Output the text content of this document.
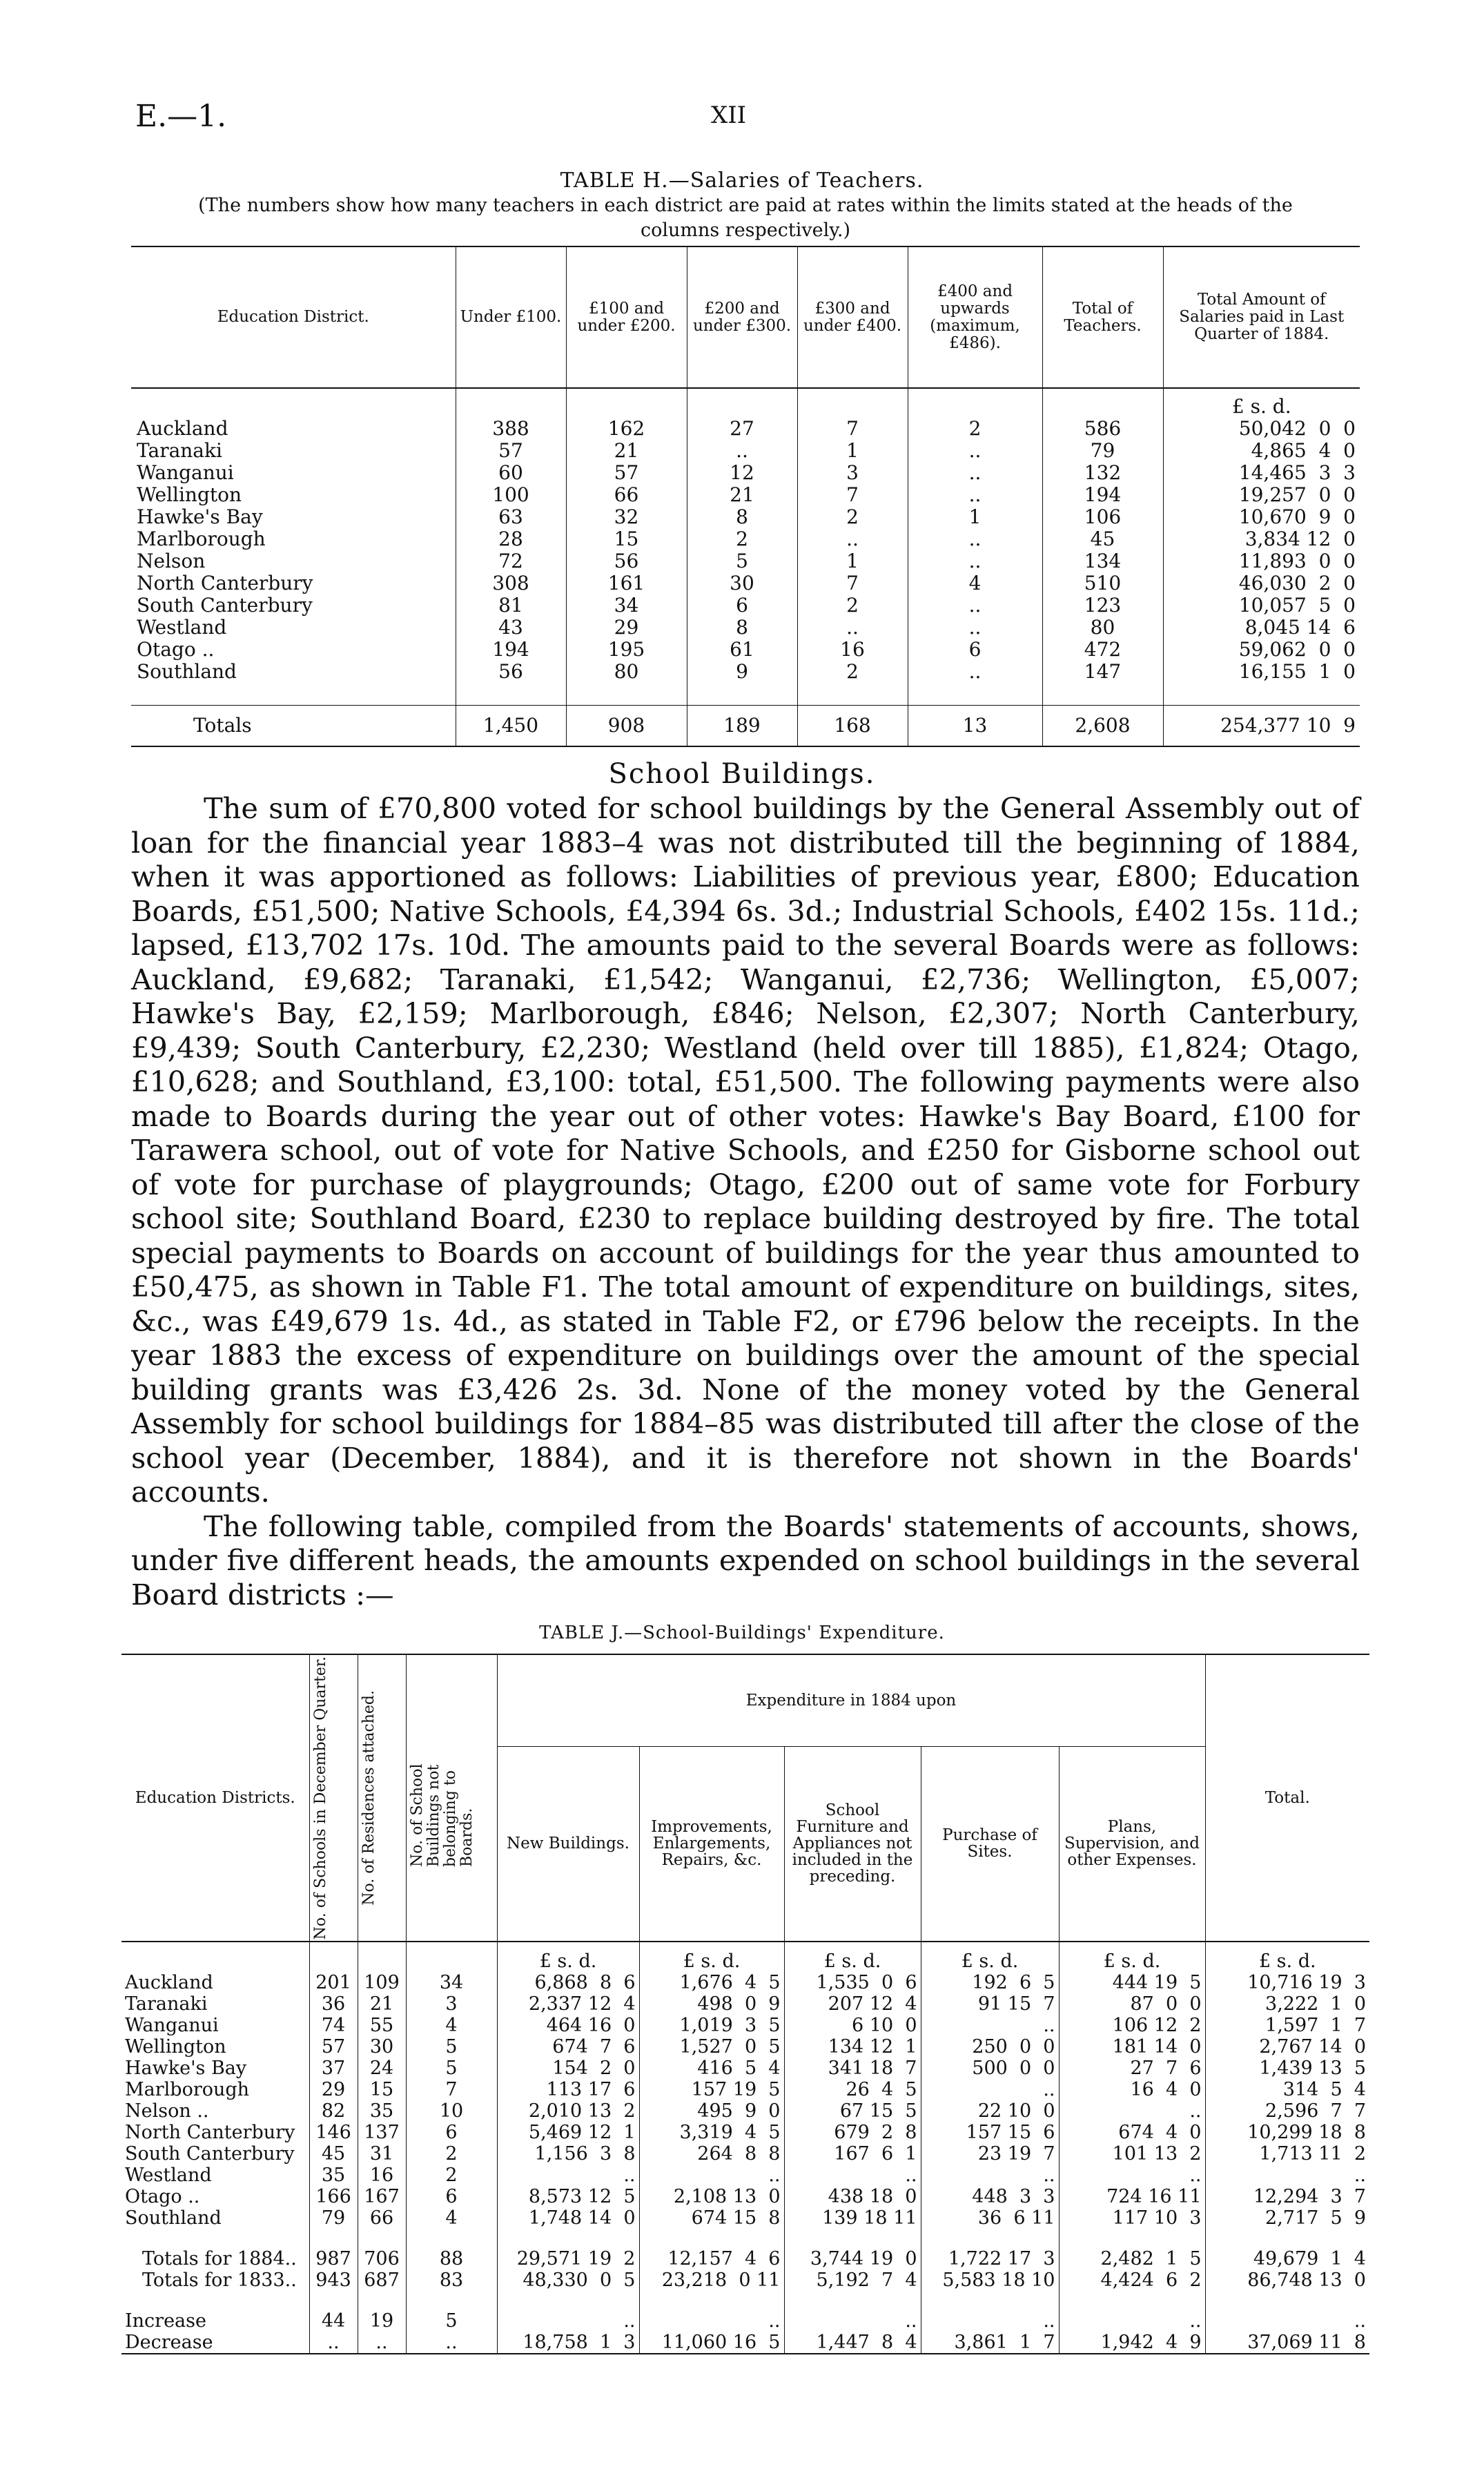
E.—1.	XII
TABLE H.—Salaries of Teachers.
(The numbers show how many teachers in each district are paid at rates within the limits stated at the heads of the columns respectively.)
Education District.	Under £100.	£100 and under £200.	£200 and under £300.	£300 and under £400.	£400 and upwards (maximum, £486).	Total of Teachers.	Total Amount of Salaries paid in Last Quarter of 1884.
							£ s. d.
Auckland	388	162	27	7	2	586	50,042  0  0
Taranaki	57	21	..	1	..	79	4,865  4  0
Wanganui	60	57	12	3	..	132	14,465  3  3
Wellington	100	66	21	7	..	194	19,257  0  0
Hawke's Bay	63	32	8	2	1	106	10,670  9  0
Marlborough	28	15	2	..	..	45	3,834 12  0
Nelson	72	56	5	1	..	134	11,893  0  0
North Canterbury	308	161	30	7	4	510	46,030  2  0
South Canterbury	81	34	6	2	..	123	10,057  5  0
Westland	43	29	8	..	..	80	8,045 14  6
Otago ..	194	195	61	16	6	472	59,062  0  0
Southland	56	80	9	2	..	147	16,155  1  0

Totals	1,450	908	189	168	13	2,608	254,377 10  9
School Buildings.

The sum of £70,800 voted for school buildings by the General Assembly out of loan for the financial year 1883–4 was not distributed till the beginning of 1884, when it was apportioned as follows: Liabilities of previous year, £800; Education Boards, £51,500; Native Schools, £4,394 6s. 3d.; Industrial Schools, £402 15s. 11d.; lapsed, £13,702 17s. 10d. The amounts paid to the several Boards were as follows: Auckland, £9,682; Taranaki, £1,542; Wanganui, £2,736; Wellington, £5,007; Hawke's Bay, £2,159; Marlborough, £846; Nelson, £2,307; North Canterbury, £9,439; South Canterbury, £2,230; Westland (held over till 1885), £1,824; Otago, £10,628; and Southland, £3,100: total, £51,500. The following payments were also made to Boards during the year out of other votes: Hawke's Bay Board, £100 for Tarawera school, out of vote for Native Schools, and £250 for Gisborne school out of vote for purchase of playgrounds; Otago, £200 out of same vote for Forbury school site; Southland Board, £230 to replace building destroyed by fire. The total special payments to Boards on account of buildings for the year thus amounted to £50,475, as shown in Table F1. The total amount of expenditure on buildings, sites, &c., was £49,679 1s. 4d., as stated in Table F2, or £796 below the receipts. In the year 1883 the excess of expenditure on buildings over the amount of the special building grants was £3,426 2s. 3d. None of the money voted by the General Assembly for school buildings for 1884–85 was distributed till after the close of the school year (December, 1884), and it is therefore not shown in the Boards' accounts.

The following table, compiled from the Boards' statements of accounts, shows, under five different heads, the amounts expended on school buildings in the several Board districts :—

TABLE J.—School-Buildings' Expenditure.
Education Districts.	No. of Schools in December Quarter.	No. of Residences attached.	No. of School Buildings not belonging to Boards.	Expenditure in 1884 upon					Total.
				New Buildings.	Improvements, Enlargements, Repairs, &c.	School Furniture and Appliances not included in the preceding.	Purchase of Sites.	Plans, Supervision, and other Expenses.	
				£ s. d.	£ s. d.	£ s. d.	£ s. d.	£ s. d.	£ s. d.
Auckland	201	109	34	6,868  8  6	1,676  4  5	1,535  0  6	192  6  5	444 19  5	10,716 19  3
Taranaki	36	21	3	2,337 12  4	498  0  9	207 12  4	91 15  7	87  0  0	3,222  1  0
Wanganui	74	55	4	464 16  0	1,019  3  5	6 10  0	..	106 12  2	1,597  1  7
Wellington	57	30	5	674  7  6	1,527  0  5	134 12  1	250  0  0	181 14  0	2,767 14  0
Hawke's Bay	37	24	5	154  2  0	416  5  4	341 18  7	500  0  0	27  7  6	1,439 13  5
Marlborough	29	15	7	113 17  6	157 19  5	26  4  5	..	16  4  0	314  5  4
Nelson ..	82	35	10	2,010 13  2	495  9  0	67 15  5	22 10  0	..	2,596  7  7
North Canterbury	146	137	6	5,469 12  1	3,319  4  5	679  2  8	157 15  6	674  4  0	10,299 18  8
South Canterbury	45	31	2	1,156  3  8	264  8  8	167  6  1	23 19  7	101 13  2	1,713 11  2
Westland	35	16	2	..	..	..	..	..	..
Otago ..	166	167	6	8,573 12  5	2,108 13  0	438 18  0	448  3  3	724 16 11	12,294  3  7
Southland	79	66	4	1,748 14  0	674 15  8	139 18 11	36  6 11	117 10  3	2,717  5  9

Totals for 1884..	987	706	88	29,571 19  2	12,157  4  6	3,744 19  0	1,722 17  3	2,482  1  5	49,679  1  4
Totals for 1833..	943	687	83	48,330  0  5	23,218  0 11	5,192  7  4	5,583 18 10	4,424  6  2	86,748 13  0

Increase	44	19	5	..	..	..	..	..	..
Decrease	..	..	..	18,758  1  3	11,060 16  5	1,447  8  4	3,861  1  7	1,942  4  9	37,069 11  8
